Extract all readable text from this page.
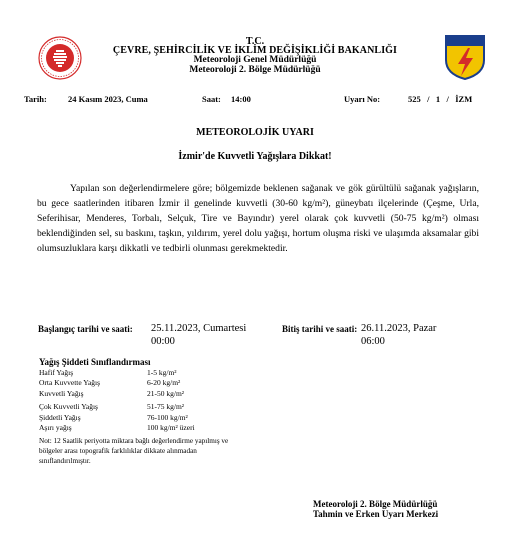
T.C.
ÇEVRE, ŞEHİRCİLİK VE İKLİM DEĞİŞİKLİĞİ BAKANLIĞI
Meteoroloji Genel Müdürlüğü
Meteoroloji 2. Bölge Müdürlüğü
Tarih: 24 Kasım 2023, Cuma	Saat: 14:00	Uyarı No:	525   /   1   /   İZM
METEOROLOJİK UYARI
İzmir'de Kuvvetli Yağışlara Dikkat!
Yapılan son değerlendirmelere göre; bölgemizde beklenen sağanak ve gök gürültülü sağanak yağışların, bu gece saatlerinden itibaren İzmir il genelinde kuvvetli (30-60 kg/m²), güneybatı ilçelerinde (Çeşme, Urla, Seferihisar, Menderes, Torbalı, Selçuk, Tire ve Bayındır) yerel olarak çok kuvvetli (50-75 kg/m²) olması beklendiğinden sel, su baskını, taşkın, yıldırım, yerel dolu yağışı, hortum oluşma riski ve ulaşımda aksamalar gibi olumsuzluklara karşı dikkatli ve tedbirli olunması gerekmektedir.
Başlangıç tarihi ve saati: 25.11.2023, Cumartesi 00:00
Bitiş tarihi ve saati: 26.11.2023, Pazar 06:00
Yağış Şiddeti Sınıflandırması
Hafif Yağış	1-5 kg/m²
Orta Kuvvette Yağış	6-20 kg/m²
Kuvvetli Yağış	21-50 kg/m²
Çok Kuvvetli Yağış	51-75 kg/m²
Şiddetli Yağış	76-100 kg/m²
Aşırı yağış	100 kg/m² üzeri
Not: 12 Saatlik periyotta miktara bağlı değerlendirme yapılmış ve bölgeler arası topografik farklılıklar dikkate alınmadan sınıflandırılmıştır.
Meteoroloji 2. Bölge Müdürlüğü
Tahmin ve Erken Uyarı Merkezi
